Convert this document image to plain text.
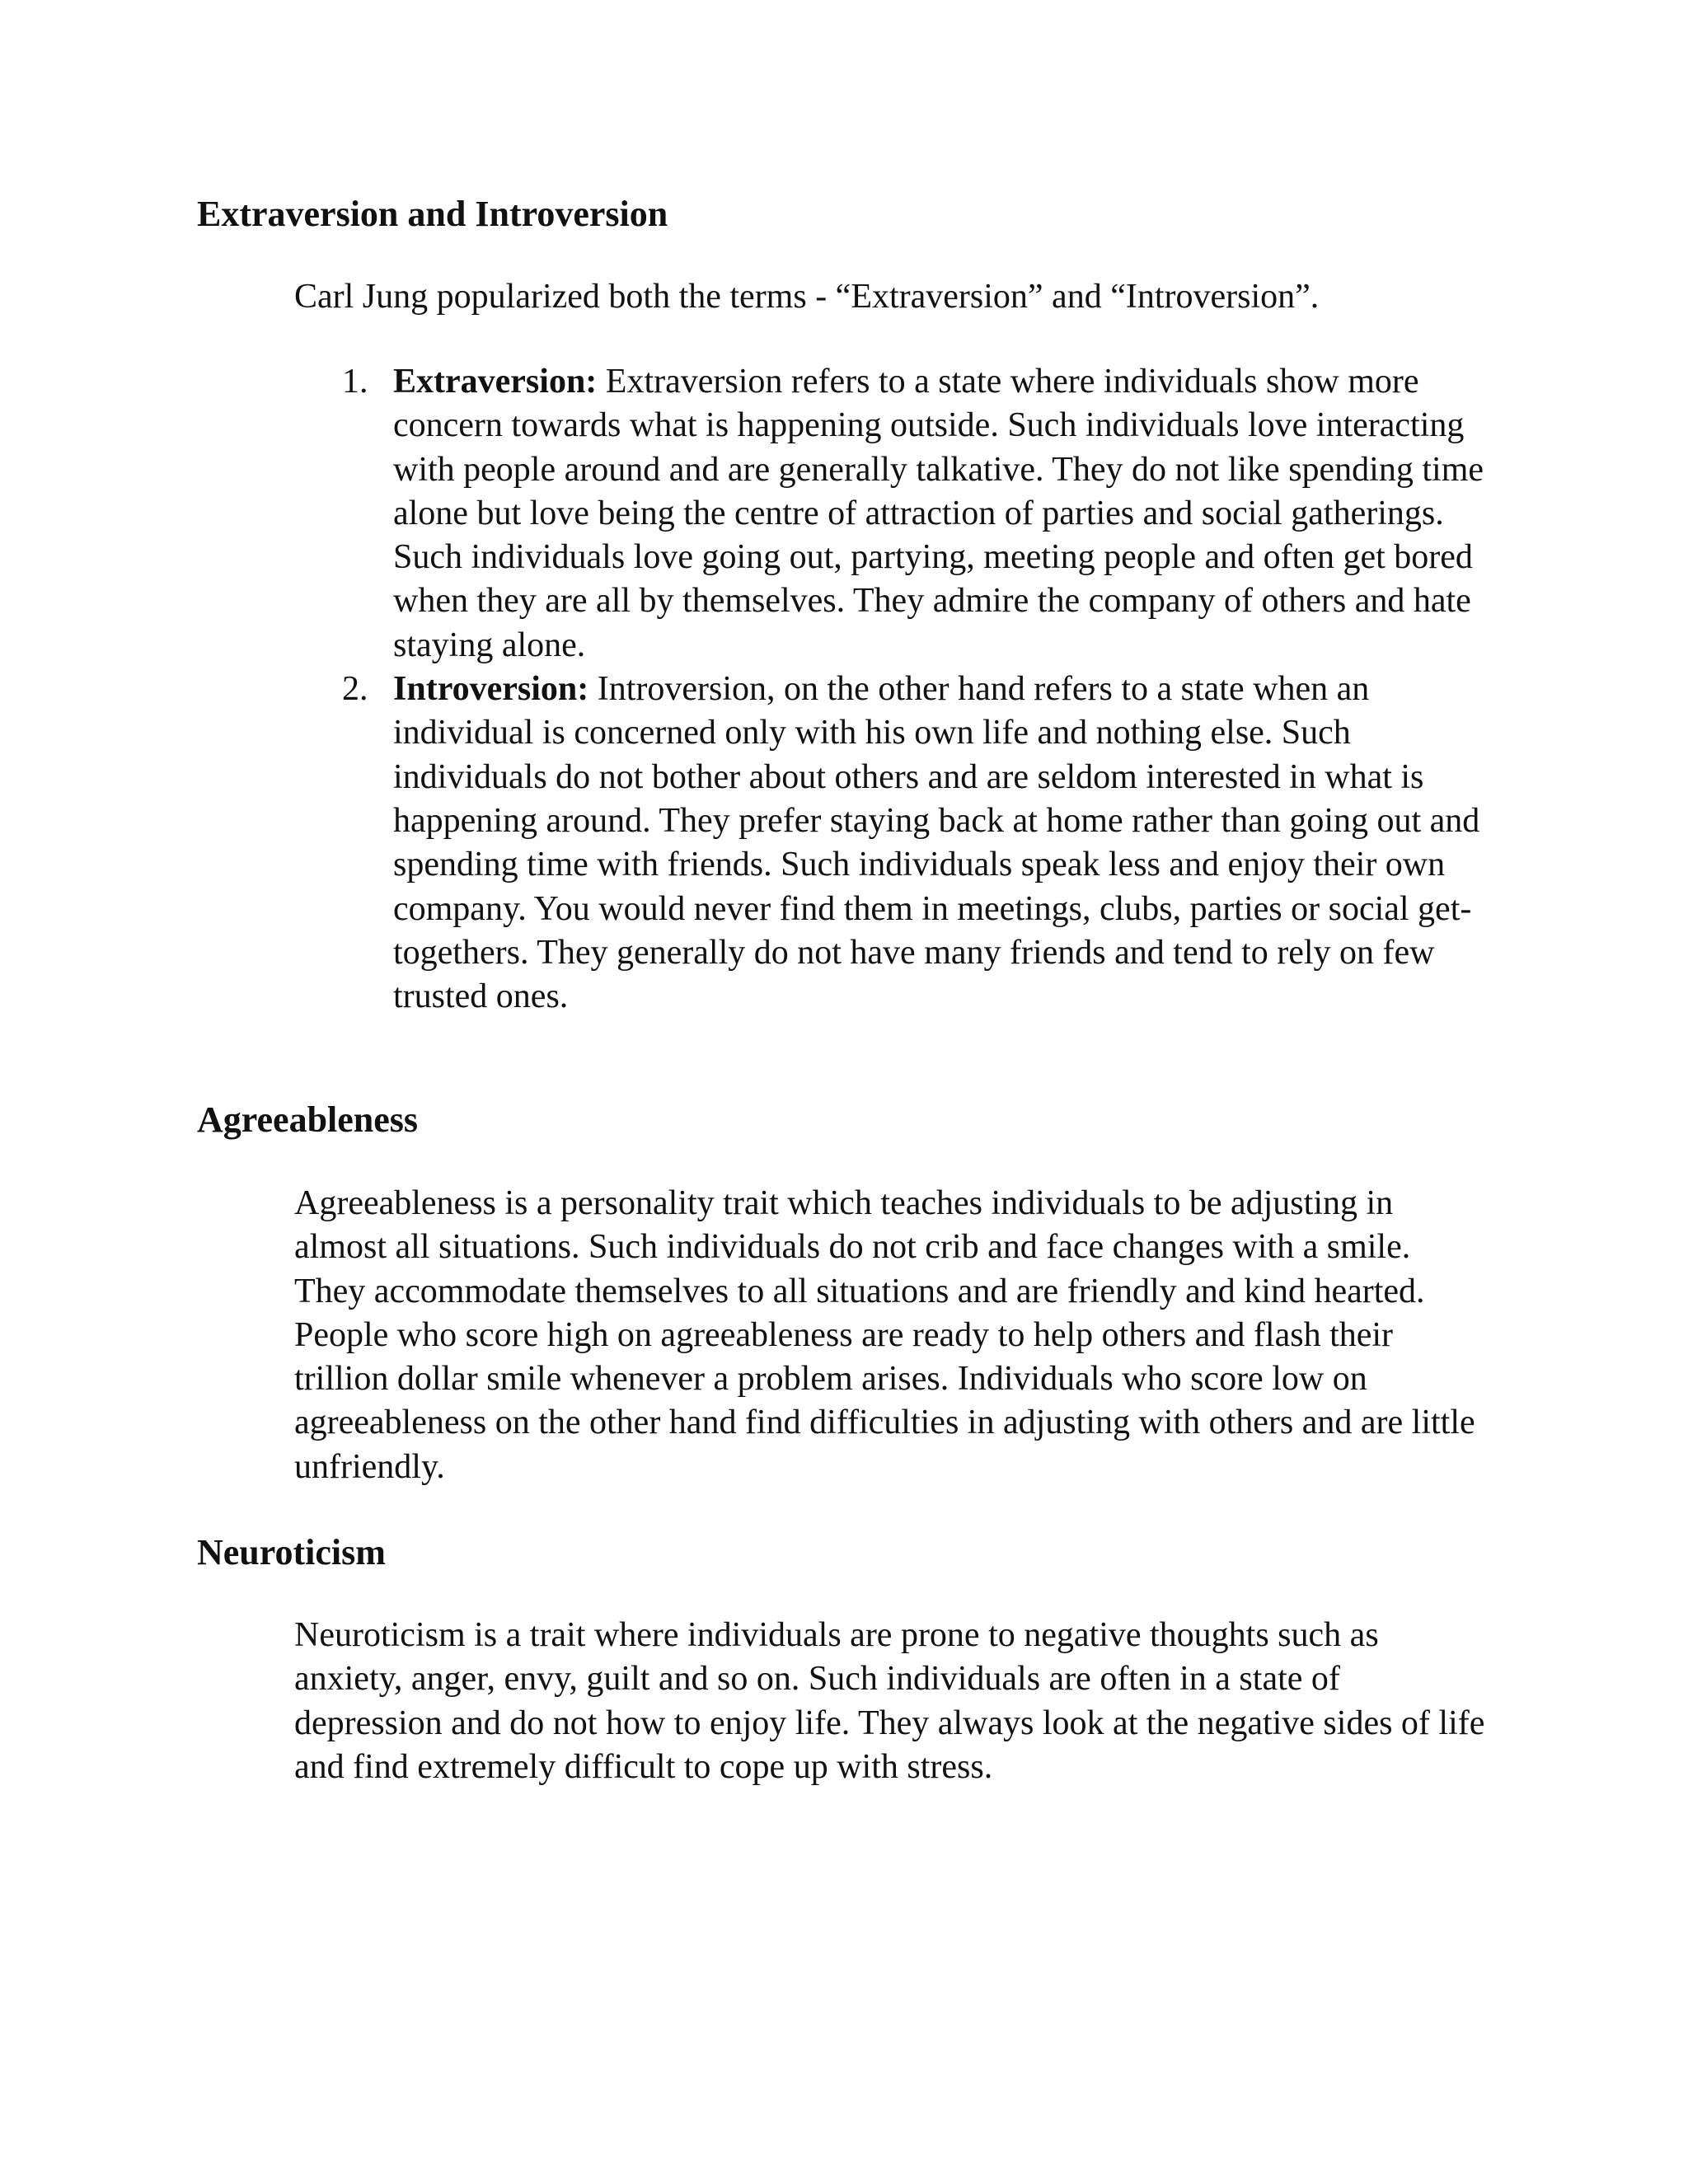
Extraversion and Introversion

Carl Jung popularized both the terms - “Extraversion” and “Introversion”.

1. Extraversion: Extraversion refers to a state where individuals show more concern towards what is happening outside. Such individuals love interacting with people around and are generally talkative. They do not like spending time alone but love being the centre of attraction of parties and social gatherings. Such individuals love going out, partying, meeting people and often get bored when they are all by themselves. They admire the company of others and hate staying alone.
2. Introversion: Introversion, on the other hand refers to a state when an individual is concerned only with his own life and nothing else. Such individuals do not bother about others and are seldom interested in what is happening around. They prefer staying back at home rather than going out and spending time with friends. Such individuals speak less and enjoy their own company. You would never find them in meetings, clubs, parties or social get-togethers. They generally do not have many friends and tend to rely on few trusted ones.
Agreeableness

Agreeableness is a personality trait which teaches individuals to be adjusting in almost all situations. Such individuals do not crib and face changes with a smile. They accommodate themselves to all situations and are friendly and kind hearted. People who score high on agreeableness are ready to help others and flash their trillion dollar smile whenever a problem arises. Individuals who score low on agreeableness on the other hand find difficulties in adjusting with others and are little unfriendly.

Neuroticism

Neuroticism is a trait where individuals are prone to negative thoughts such as anxiety, anger, envy, guilt and so on. Such individuals are often in a state of depression and do not how to enjoy life. They always look at the negative sides of life and find extremely difficult to cope up with stress.
